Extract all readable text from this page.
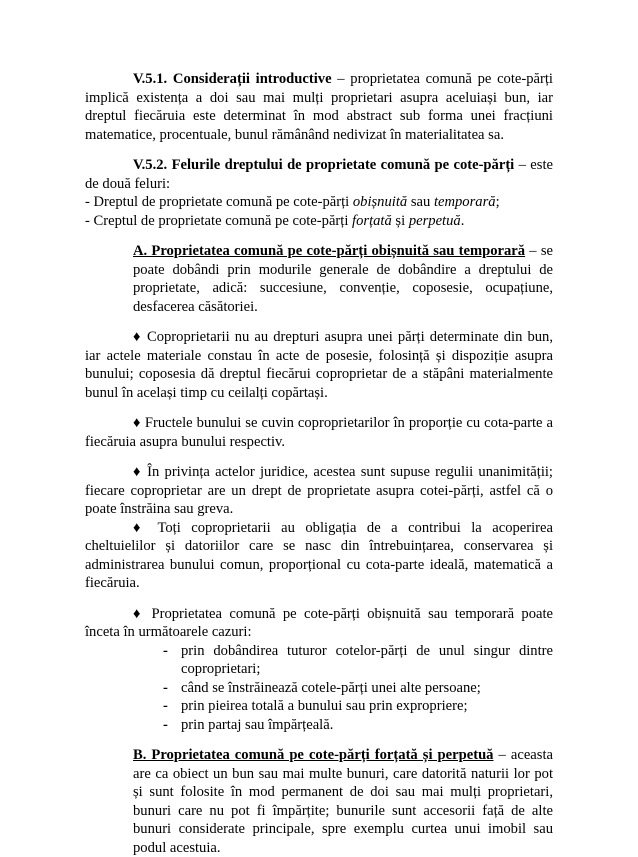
V.5.1. Considerații introductive – proprietatea comună pe cote-părți implică existența a doi sau mai mulți proprietari asupra aceluiași bun, iar dreptul fiecăruia este determinat în mod abstract sub forma unei fracțiuni matematice, procentuale, bunul rămânând nedivizat în materialitatea sa.

V.5.2. Felurile dreptului de proprietate comună pe cote-părți – este de două feluri:

- Dreptul de proprietate comună pe cote-părți obișnuită sau temporară;

- Creptul de proprietate comună pe cote-părți forțată și perpetuă.

A. Proprietatea comună pe cote-părți obișnuită sau temporară – se poate dobândi prin modurile generale de dobândire a dreptului de proprietate, adică: succesiune, convenție, coposesie, ocupațiune, desfacerea căsătoriei.

♦ Coproprietarii nu au drepturi asupra unei părți determinate din bun, iar actele materiale constau în acte de posesie, folosință și dispoziție asupra bunului; coposesia dă dreptul fiecărui coproprietar de a stăpâni materialmente bunul în același timp cu ceilalți copărtași.

♦ Fructele bunului se cuvin coproprietarilor în proporție cu cota-parte a fiecăruia asupra bunului respectiv.

♦ În privința actelor juridice, acestea sunt supuse regulii unanimității; fiecare coproprietar are un drept de proprietate asupra cotei-părți, astfel că o poate înstrăina sau greva.

♦ Toți coproprietarii au obligația de a contribui la acoperirea cheltuielilor și datoriilor care se nasc din întrebuințarea, conservarea și administrarea bunului comun, proporțional cu cota-parte ideală, matematică a fiecăruia.

♦ Proprietatea comună pe cote-părți obișnuită sau temporară poate înceta în următoarele cazuri:

- prin dobândirea tuturor cotelor-părți de unul singur dintre coproprietari;
- când se înstrăinează cotele-părți unei alte persoane;
- prin pieirea totală a bunului sau prin expropriere;
- prin partaj sau împărțeală.

B. Proprietatea comună pe cote-părți forțată și perpetuă – aceasta are ca obiect un bun sau mai multe bunuri, care datorită naturii lor pot și sunt folosite în mod permanent de doi sau mai mulți proprietari, bunuri care nu pot fi împărțite; bunurile sunt accesorii față de alte bunuri considerate principale, spre exemplu curtea unui imobil sau podul acestuia.
